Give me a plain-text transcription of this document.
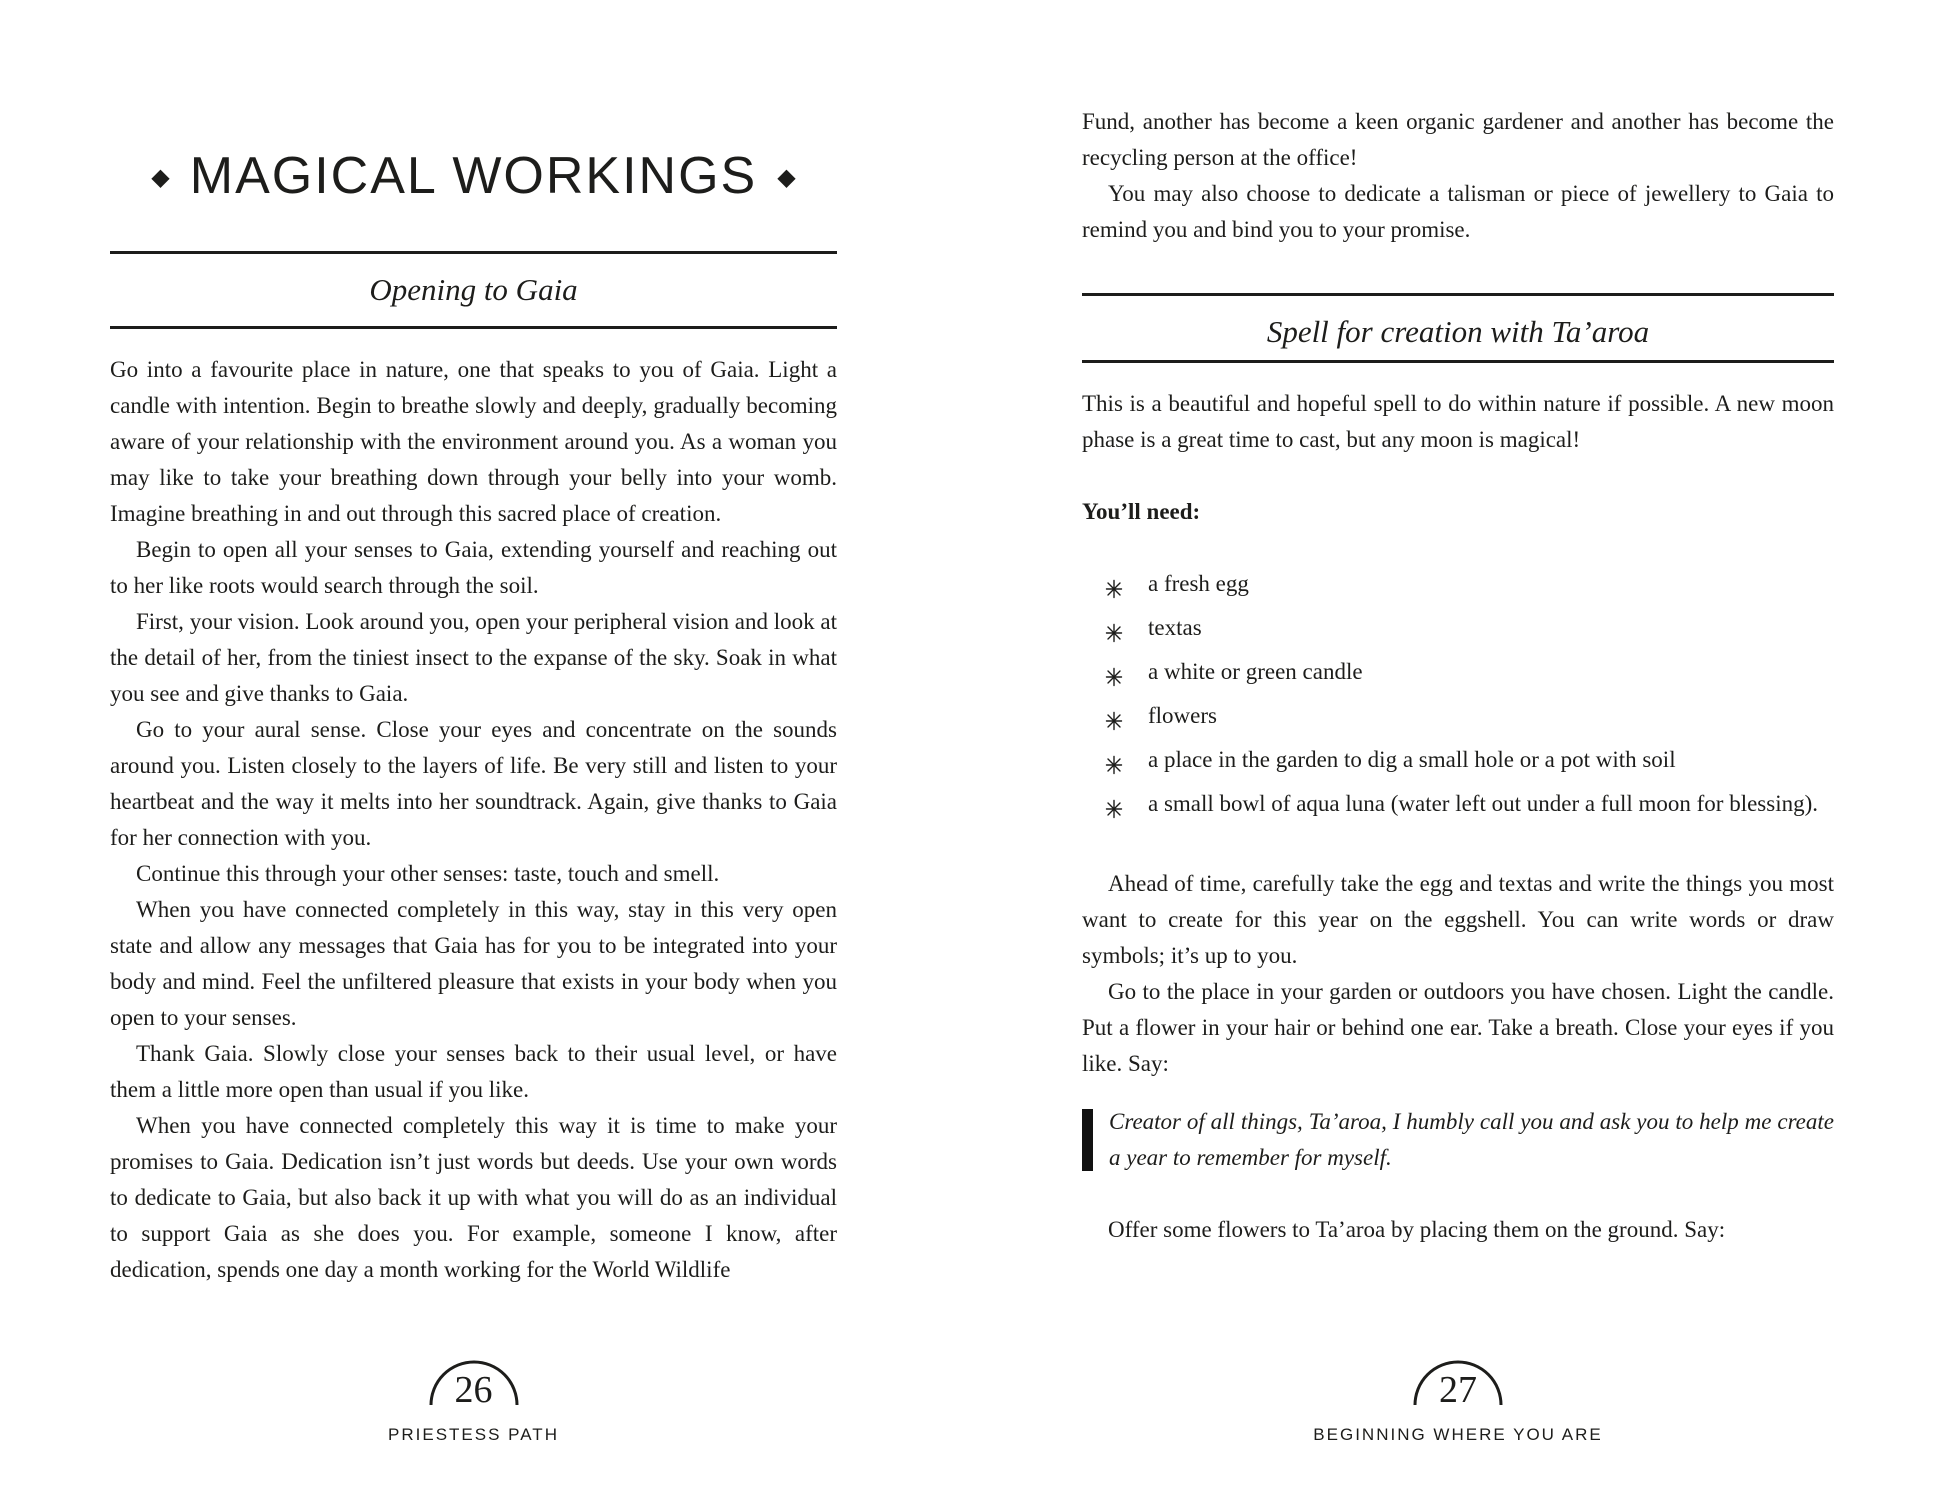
◆ MAGICAL WORKINGS ◆
Opening to Gaia

Go into a favourite place in nature, one that speaks to you of Gaia. Light a candle with intention. Begin to breathe slowly and deeply, gradually becoming aware of your relationship with the environment around you. As a woman you may like to take your breathing down through your belly into your womb. Imagine breathing in and out through this sacred place of creation.

Begin to open all your senses to Gaia, extending yourself and reaching out to her like roots would search through the soil.

First, your vision. Look around you, open your peripheral vision and look at the detail of her, from the tiniest insect to the expanse of the sky. Soak in what you see and give thanks to Gaia.

Go to your aural sense. Close your eyes and concentrate on the sounds around you. Listen closely to the layers of life. Be very still and listen to your heartbeat and the way it melts into her soundtrack. Again, give thanks to Gaia for her connection with you.

Continue this through your other senses: taste, touch and smell.

When you have connected completely in this way, stay in this very open state and allow any messages that Gaia has for you to be integrated into your body and mind. Feel the unfiltered pleasure that exists in your body when you open to your senses.

Thank Gaia. Slowly close your senses back to their usual level, or have them a little more open than usual if you like.

When you have connected completely this way it is time to make your promises to Gaia. Dedication isn’t just words but deeds. Use your own words to dedicate to Gaia, but also back it up with what you will do as an individual to support Gaia as she does you. For example, someone I know, after dedication, spends one day a month working for the World Wildlife

Fund, another has become a keen organic gardener and another has become the recycling person at the office!

You may also choose to dedicate a talisman or piece of jewellery to Gaia to remind you and bind you to your promise.

Spell for creation with Ta’aroa

This is a beautiful and hopeful spell to do within nature if possible. A new moon phase is a great time to cast, but any moon is magical!

You’ll need:

a fresh egg
textas
a white or green candle
flowers
a place in the garden to dig a small hole or a pot with soil
a small bowl of aqua luna (water left out under a full moon for blessing).

Ahead of time, carefully take the egg and textas and write the things you most want to create for this year on the eggshell. You can write words or draw symbols; it’s up to you.

Go to the place in your garden or outdoors you have chosen. Light the candle. Put a flower in your hair or behind one ear. Take a breath. Close your eyes if you like. Say:

Creator of all things, Ta’aroa, I humbly call you and ask you to help me create a year to remember for myself.

Offer some flowers to Ta’aroa by placing them on the ground. Say:

26
PRIESTESS PATH
27
BEGINNING WHERE YOU ARE
